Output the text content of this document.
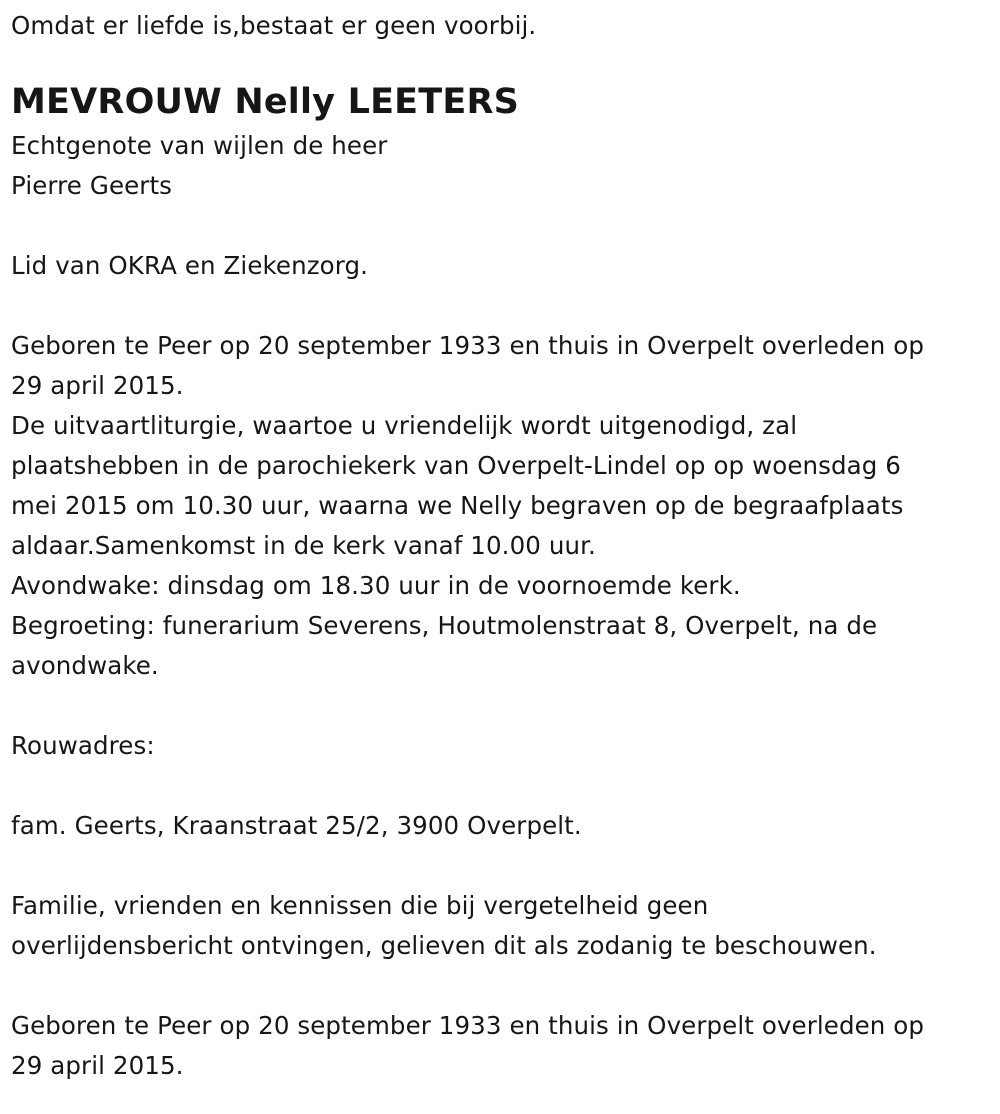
Omdat er liefde is,bestaat er geen voorbij.
MEVROUW Nelly LEETERS
Echtgenote van wijlen de heer
Pierre Geerts
Lid van OKRA en Ziekenzorg.
Geboren te Peer op 20 september 1933 en thuis in Overpelt overleden op
29 april 2015.
De uitvaartliturgie, waartoe u vriendelijk wordt uitgenodigd, zal
plaatshebben in de parochiekerk van Overpelt-Lindel op op woensdag 6
mei 2015 om 10.30 uur, waarna we Nelly begraven op de begraafplaats
aldaar.Samenkomst in de kerk vanaf 10.00 uur.
Avondwake: dinsdag om 18.30 uur in de voornoemde kerk.
Begroeting: funerarium Severens, Houtmolenstraat 8, Overpelt, na de
avondwake.
Rouwadres:
fam. Geerts, Kraanstraat 25/2, 3900 Overpelt.
Familie, vrienden en kennissen die bij vergetelheid geen
overlijdensbericht ontvingen, gelieven dit als zodanig te beschouwen.
Geboren te Peer op 20 september 1933 en thuis in Overpelt overleden op
29 april 2015.
